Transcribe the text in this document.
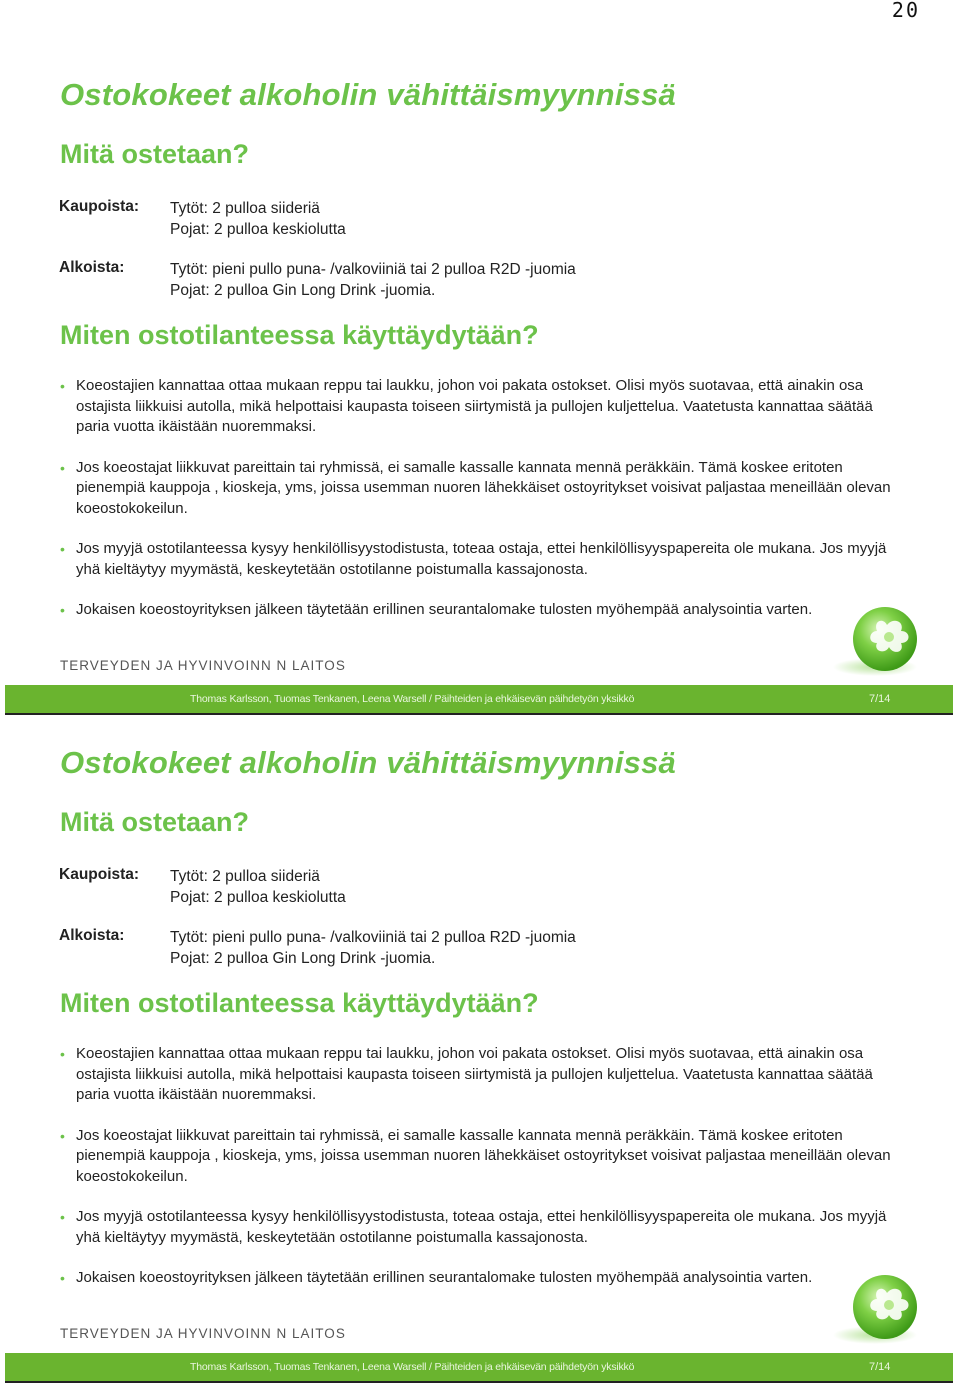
20
Ostokokeet alkoholin vähittäismyynnissä
Mitä ostetaan?
Kaupoista: Tytöt: 2 pulloa siideriä
Pojat: 2 pulloa keskiolutta
Alkoista:	Tytöt: pieni pullo puna- /valkoviiniä tai 2 pulloa R2D -juomia
Pojat: 2 pulloa Gin Long Drink -juomia.
Miten ostotilanteessa käyttäydytään?
• Koeostajien kannattaa ottaa mukaan reppu tai laukku, johon voi pakata ostokset. Olisi myös suotavaa, että ainakin osa ostajista liikkuisi autolla, mikä helpottaisi kaupasta toiseen siirtymistä ja pullojen kuljettelua. Vaatetusta kannattaa säätää paria vuotta ikäistään nuoremmaksi.
• Jos koeostajat liikkuvat pareittain tai ryhmissä, ei samalle kassalle kannata mennä peräkkäin. Tämä koskee eritoten pienempiä kauppoja , kioskeja, yms, joissa usemman nuoren lähekkäiset ostoyritykset voisivat paljastaa meneillään olevan koeostokokeilun.
• Jos myyjä ostotilanteessa kysyy henkilöllisyystodistusta, toteaa ostaja, ettei henkilöllisyyspapereita ole mukana. Jos myyjä yhä kieltäytyy myymästä, keskeytetään ostotilanne poistumalla kassajonosta.
• Jokaisen koeostoyrityksen jälkeen täytetään erillinen seurantalomake tulosten myöhempää analysointia varten.
TERVEYDEN JA HYVINVOINN N LAITOS
Thomas Karlsson, Tuomas Tenkanen, Leena Warsell / Päihteiden ja ehkäisevän päihdetyön yksikkö	7/14
Ostokokeet alkoholin vähittäismyynnissä
Mitä ostetaan?
Kaupoista: Tytöt: 2 pulloa siideriä
Pojat: 2 pulloa keskiolutta
Alkoista:	Tytöt: pieni pullo puna- /valkoviiniä tai 2 pulloa R2D -juomia
Pojat: 2 pulloa Gin Long Drink -juomia.
Miten ostotilanteessa käyttäydytään?
• Koeostajien kannattaa ottaa mukaan reppu tai laukku, johon voi pakata ostokset. Olisi myös suotavaa, että ainakin osa ostajista liikkuisi autolla, mikä helpottaisi kaupasta toiseen siirtymistä ja pullojen kuljettelua. Vaatetusta kannattaa säätää paria vuotta ikäistään nuoremmaksi.
• Jos koeostajat liikkuvat pareittain tai ryhmissä, ei samalle kassalle kannata mennä peräkkäin. Tämä koskee eritoten pienempiä kauppoja , kioskeja, yms, joissa usemman nuoren lähekkäiset ostoyritykset voisivat paljastaa meneillään olevan koeostokokeilun.
• Jos myyjä ostotilanteessa kysyy henkilöllisyystodistusta, toteaa ostaja, ettei henkilöllisyyspapereita ole mukana. Jos myyjä yhä kieltäytyy myymästä, keskeytetään ostotilanne poistumalla kassajonosta.
• Jokaisen koeostoyrityksen jälkeen täytetään erillinen seurantalomake tulosten myöhempää analysointia varten.
TERVEYDEN JA HYVINVOINN N LAITOS
Thomas Karlsson, Tuomas Tenkanen, Leena Warsell / Päihteiden ja ehkäisevän päihdetyön yksikkö	7/14
